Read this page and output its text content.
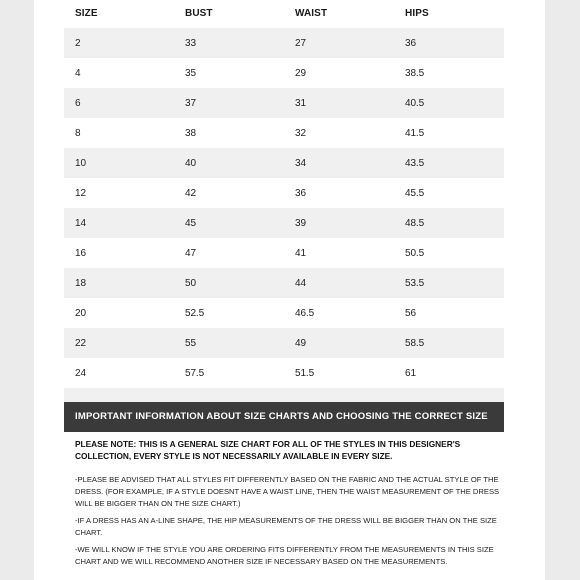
SIZE	BUST	WAIST	HIPS
2	33	27	36
4	35	29	38.5
6	37	31	40.5
8	38	32	41.5
10	40	34	43.5
12	42	36	45.5
14	45	39	48.5
16	47	41	50.5
18	50	44	53.5
20	52.5	46.5	56
22	55	49	58.5
24	57.5	51.5	61
IMPORTANT INFORMATION ABOUT SIZE CHARTS AND CHOOSING THE CORRECT SIZE
PLEASE NOTE: THIS IS A GENERAL SIZE CHART FOR ALL OF THE STYLES IN THIS DESIGNER'S COLLECTION, EVERY STYLE IS NOT NECESSARILY AVAILABLE IN EVERY SIZE.
-PLEASE BE ADVISED THAT ALL STYLES FIT DIFFERENTLY BASED ON THE FABRIC AND THE ACTUAL STYLE OF THE DRESS. (FOR EXAMPLE, IF A STYLE DOESNT HAVE A WAIST LINE, THEN THE WAIST MEASUREMENT OF THE DRESS WILL BE BIGGER THAN ON THE SIZE CHART.)
-IF A DRESS HAS AN A-LINE SHAPE, THE HIP MEASUREMENTS OF THE DRESS WILL BE BIGGER THAN ON THE SIZE CHART.
-WE WILL KNOW IF THE STYLE YOU ARE ORDERING FITS DIFFERENTLY FROM THE MEASUREMENTS IN THIS SIZE CHART AND WE WILL RECOMMEND ANOTHER SIZE IF NECESSARY BASED ON THE MEASUREMENTS.
